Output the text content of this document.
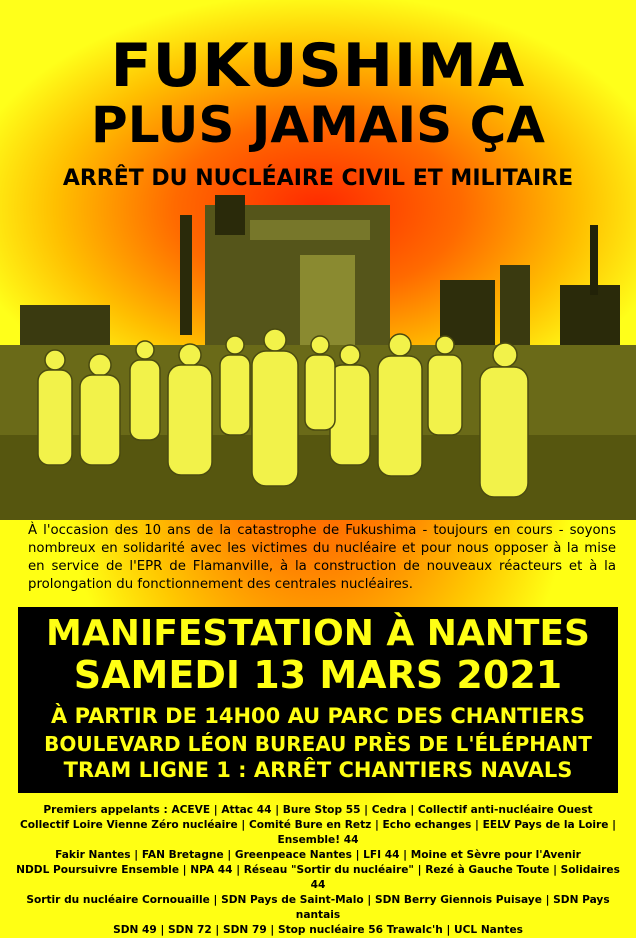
FUKUSHIMA
PLUS JAMAIS ÇA
ARRÊT DU NUCLÉAIRE CIVIL ET MILITAIRE
À l'occasion des 10 ans de la catastrophe de Fukushima - toujours en cours - soyons nombreux en solidarité avec les victimes du nucléaire et pour nous opposer à la mise en service de l'EPR de Flamanville, à la construction de nouveaux réacteurs et à la prolongation du fonctionnement des centrales nucléaires.
MANIFESTATION À NANTES
SAMEDI 13 MARS 2021
À PARTIR DE 14H00 AU PARC DES CHANTIERS
BOULEVARD LÉON BUREAU PRÈS DE L'ÉLÉPHANT
TRAM LIGNE 1 : ARRÊT CHANTIERS NAVALS
Premiers appelants : ACEVE | Attac 44 | Bure Stop 55 | Cedra | Collectif anti-nucléaire Ouest
Collectif Loire Vienne Zéro nucléaire | Comité Bure en Retz | Echo echanges | EELV Pays de la Loire | Ensemble! 44
Fakir Nantes | FAN Bretagne | Greenpeace Nantes | LFI 44 | Moine et Sèvre pour l'Avenir
NDDL Poursuivre Ensemble | NPA 44 | Réseau "Sortir du nucléaire" | Rezé à Gauche Toute | Solidaires 44
Sortir du nucléaire Cornouaille | SDN Pays de Saint-Malo | SDN Berry Giennois Puisaye | SDN Pays nantais
SDN 49 | SDN 72 | SDN 79 | Stop nucléaire 56 Trawalc'h | UCL Nantes
